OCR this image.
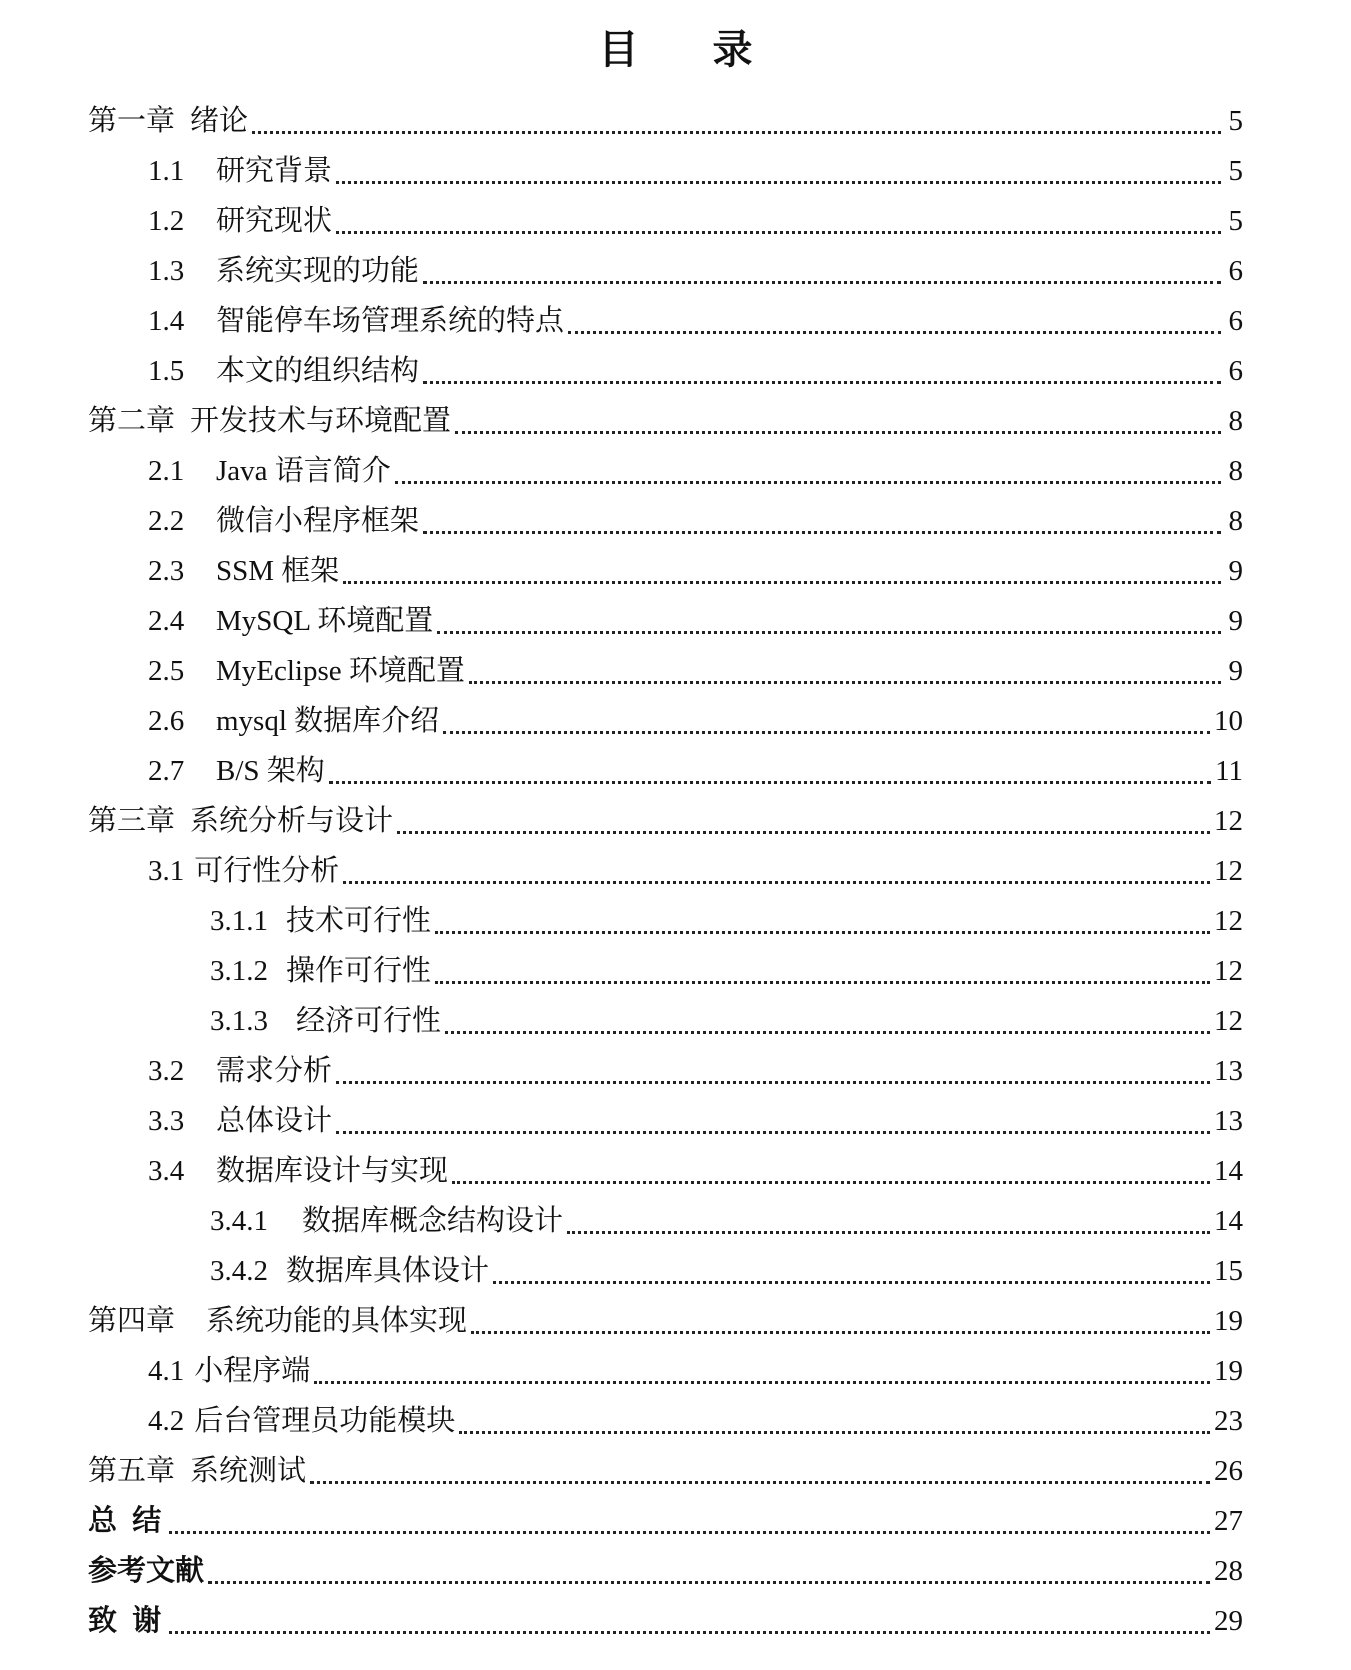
目 录
第一章 绪论	5
1.1 研究背景	5
1.2 研究现状	5
1.3 系统实现的功能	6
1.4 智能停车场管理系统的特点	6
1.5 本文的组织结构	6
第二章 开发技术与环境配置	8
2.1 Java 语言简介	8
2.2 微信小程序框架	8
2.3 SSM 框架	9
2.4 MySQL 环境配置	9
2.5 MyEclipse 环境配置	9
2.6 mysql 数据库介绍	10
2.7 B/S 架构	11
第三章 系统分析与设计	12
3.1 可行性分析	12
3.1.1 技术可行性	12
3.1.2 操作可行性	12
3.1.3 经济可行性	12
3.2 需求分析	13
3.3 总体设计	13
3.4 数据库设计与实现	14
3.4.1 数据库概念结构设计	14
3.4.2 数据库具体设计	15
第四章 系统功能的具体实现	19
4.1 小程序端	19
4.2 后台管理员功能模块	23
第五章 系统测试	26
总 结	27
参考文献	28
致 谢	29
